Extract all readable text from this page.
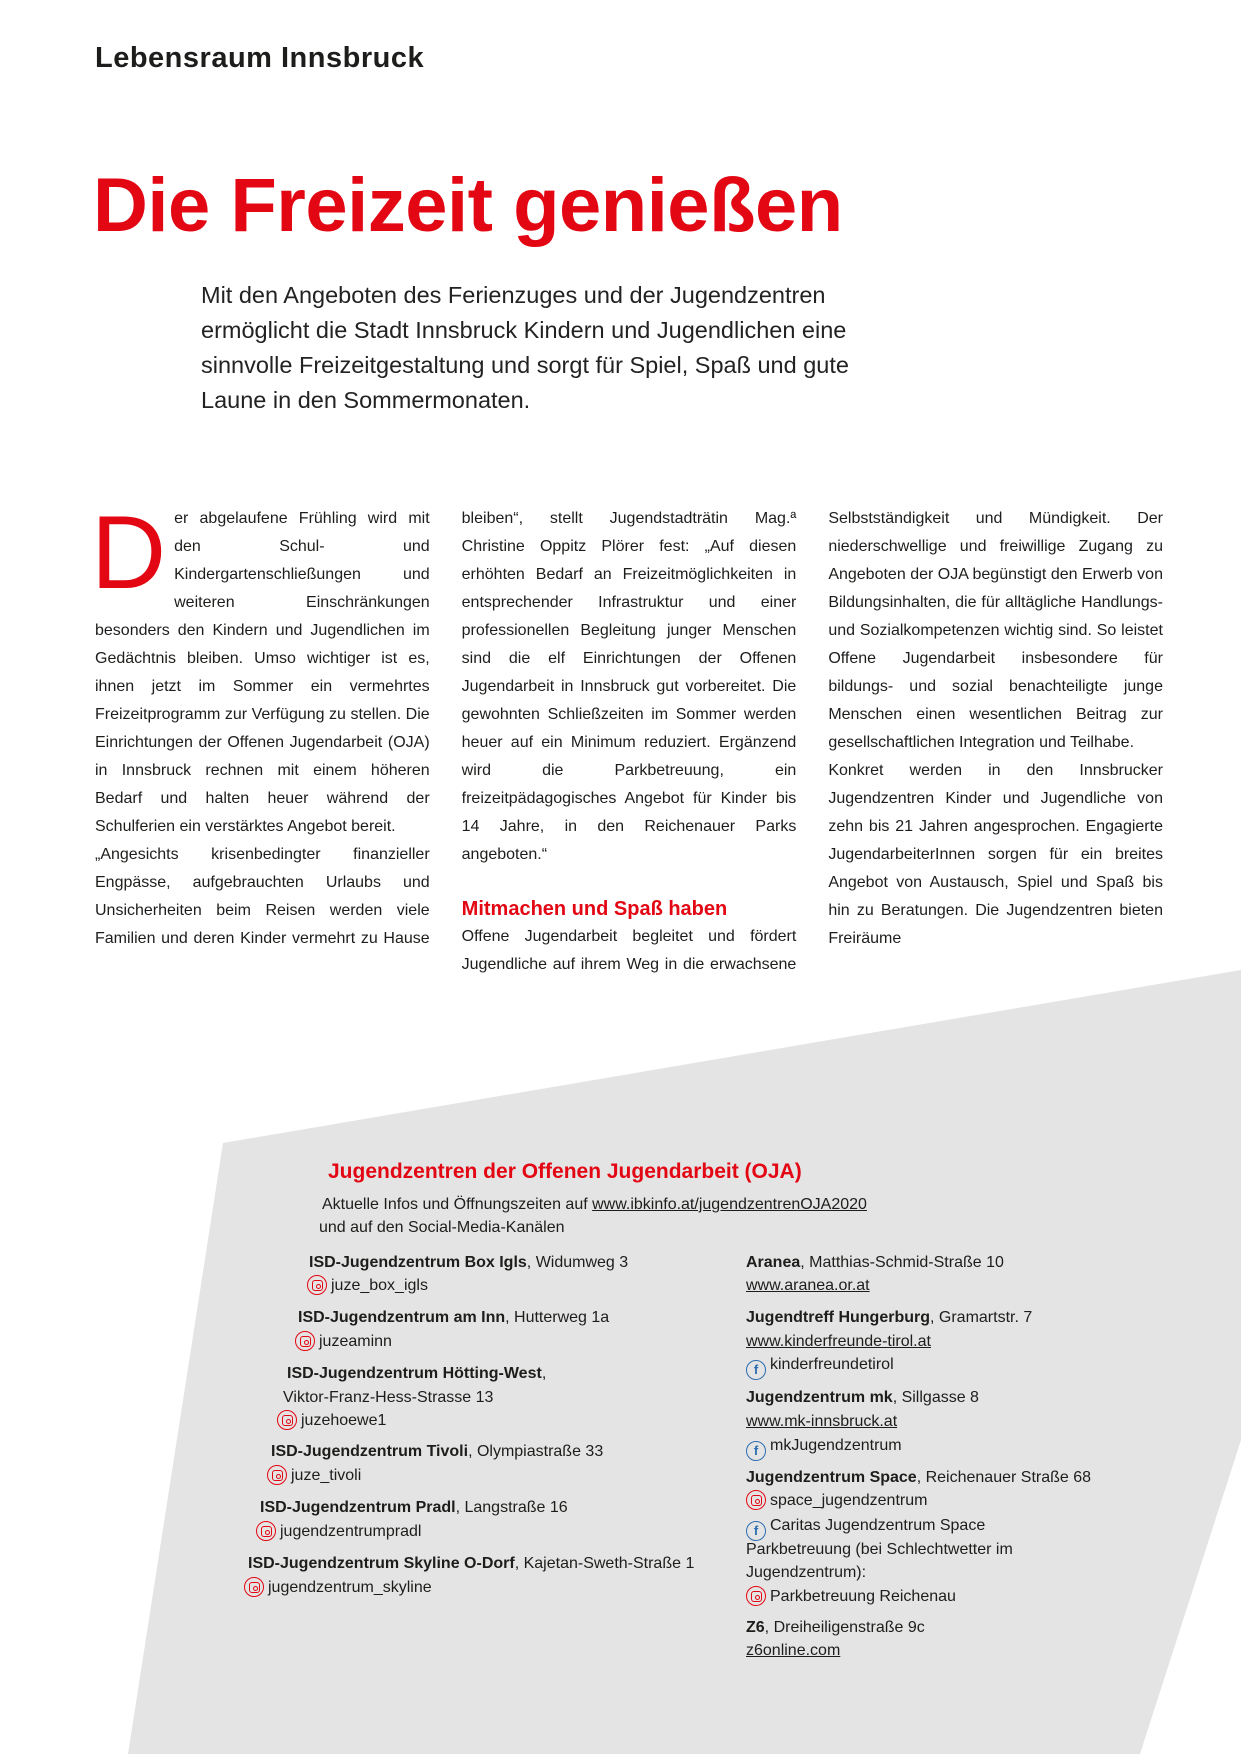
Lebensraum Innsbruck
Die Freizeit genießen
Mit den Angeboten des Ferienzuges und der Jugendzentren ermöglicht die Stadt Innsbruck Kindern und Jugendlichen eine sinnvolle Freizeitgestaltung und sorgt für Spiel, Spaß und gute Laune in den Sommermonaten.

Der abgelaufene Frühling wird mit den Schul- und Kindergartenschließungen und weiteren Einschränkungen besonders den Kindern und Jugendlichen im Gedächtnis bleiben. Umso wichtiger ist es, ihnen jetzt im Sommer ein vermehrtes Freizeitprogramm zur Verfügung zu stellen. Die Einrichtungen der Offenen Jugendarbeit (OJA) in Innsbruck rechnen mit einem höheren Bedarf und halten heuer während der Schulferien ein verstärktes Angebot bereit.

„Angesichts krisenbedingter finanzieller Engpässe, aufgebrauchten Urlaubs und Unsicherheiten beim Reisen werden viele Familien und deren Kinder vermehrt zu Hause bleiben“, stellt Jugendstadträtin Mag.ª Christine Oppitz Plörer fest: „Auf diesen erhöhten Bedarf an Freizeitmöglichkeiten in entsprechender Infrastruktur und einer professionellen Begleitung junger Menschen sind die elf Einrichtungen der Offenen Jugendarbeit in Innsbruck gut vorbereitet. Die gewohnten Schließzeiten im Sommer werden heuer auf ein Minimum reduziert. Ergänzend wird die Parkbetreuung, ein freizeitpädagogisches Angebot für Kinder bis 14 Jahre, in den Reichenauer Parks angeboten.“

Mitmachen und Spaß haben

Offene Jugendarbeit begleitet und fördert Jugendliche auf ihrem Weg in die erwachsene Selbstständigkeit und Mündigkeit. Der niederschwellige und freiwillige Zugang zu Angeboten der OJA begünstigt den Erwerb von Bildungsinhalten, die für alltägliche Handlungs- und Sozialkompetenzen wichtig sind. So leistet Offene Jugendarbeit insbesondere für bildungs- und sozial benachteiligte junge Menschen einen wesentlichen Beitrag zur gesellschaftlichen Integration und Teilhabe.

Konkret werden in den Innsbrucker Jugendzentren Kinder und Jugendliche von zehn bis 21 Jahren angesprochen. Engagierte JugendarbeiterInnen sorgen für ein breites Angebot von Austausch, Spiel und Spaß bis hin zu Beratungen. Die Jugendzentren bieten Freiräume

Jugendzentren der Offenen Jugendarbeit (OJA)
Aktuelle Infos und Öffnungszeiten auf www.ibkinfo.at/jugendzentrenOJA2020
und auf den Social-Media-Kanälen
ISD-Jugendzentrum Box Igls, Widumweg 3
juze_box_igls
ISD-Jugendzentrum am Inn, Hutterweg 1a
juzeaminn
ISD-Jugendzentrum Hötting-West,
Viktor-Franz-Hess-Strasse 13
juzehoewe1
ISD-Jugendzentrum Tivoli, Olympiastraße 33
juze_tivoli
ISD-Jugendzentrum Pradl, Langstraße 16
jugendzentrumpradl
ISD-Jugendzentrum Skyline O-Dorf, Kajetan-Sweth-Straße 1
jugendzentrum_skyline
Aranea, Matthias-Schmid-Straße 10
www.aranea.or.at
Jugendtreff Hungerburg, Gramartstr. 7
www.kinderfreunde-tirol.at
f kinderfreundetirol
Jugendzentrum mk, Sillgasse 8
www.mk-innsbruck.at
f mkJugendzentrum
Jugendzentrum Space, Reichenauer Straße 68
space_jugendzentrum
f Caritas Jugendzentrum Space
Parkbetreuung (bei Schlechtwetter im
Jugendzentrum):
Parkbetreuung Reichenau
Z6, Dreiheiligenstraße 9c
z6online.com
